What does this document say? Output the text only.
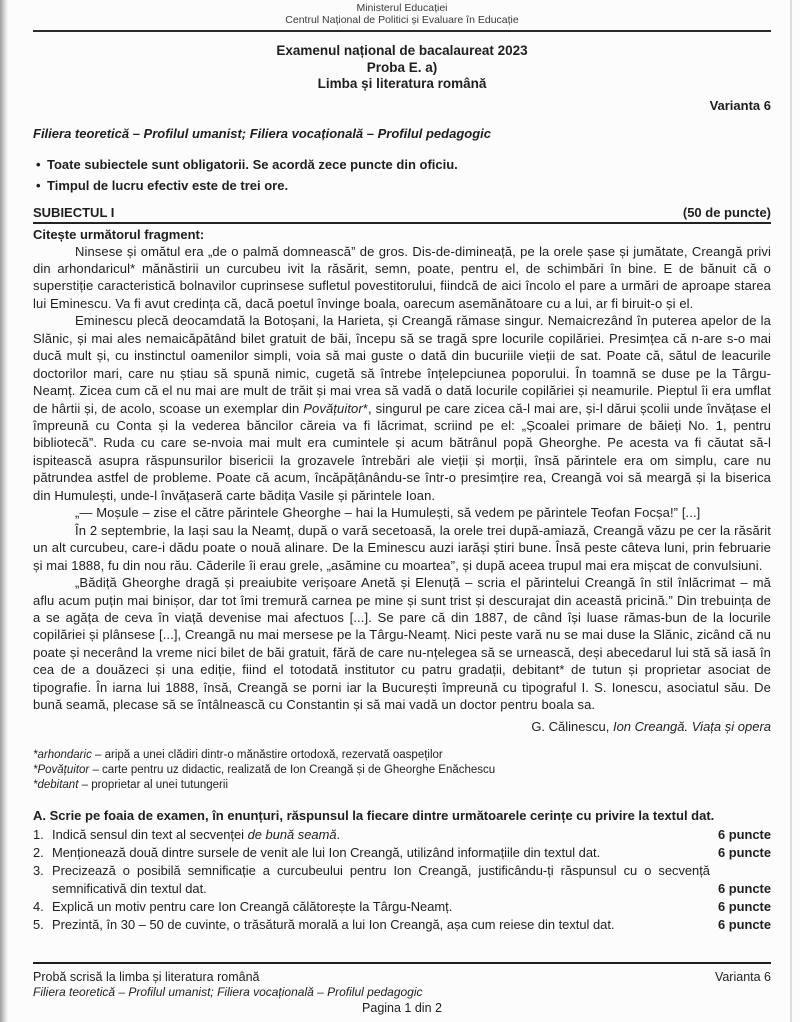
Ministerul Educației
Centrul Național de Politici și Evaluare în Educație
Examenul național de bacalaureat 2023
Proba E. a)
Limba și literatura română
Varianta 6
Filiera teoretică – Profilul umanist; Filiera vocațională – Profilul pedagogic
• Toate subiectele sunt obligatorii. Se acordă zece puncte din oficiu.
• Timpul de lucru efectiv este de trei ore.
SUBIECTUL I	(50 de puncte)
Citește următorul fragment:

Ninsese și omătul era „de o palmă domnească” de gros. Dis-de-dimineață, pe la orele șase și jumătate, Creangă privi din arhondaricul* mănăstirii un curcubeu ivit la răsărit, semn, poate, pentru el, de schimbări în bine. E de bănuit că o superstiție caracteristică bolnavilor cuprinsese sufletul povestitorului, fiindcă de aici încolo el pare a urmări de aproape starea lui Eminescu. Va fi avut credința că, dacă poetul învinge boala, oarecum asemănătoare cu a lui, ar fi biruit-o și el.

Eminescu plecă deocamdată la Botoșani, la Harieta, și Creangă rămase singur. Nemaicrezând în puterea apelor de la Slănic, și mai ales nemaicăpătând bilet gratuit de băi, începu să se tragă spre locurile copilăriei. Presimțea că n-are s-o mai ducă mult și, cu instinctul oamenilor simpli, voia să mai guste o dată din bucuriile vieții de sat. Poate că, sătul de leacurile doctorilor mari, care nu știau să spună nimic, cugetă să întrebe înțelepciunea poporului. În toamnă se duse pe la Târgu-Neamț. Zicea cum că el nu mai are mult de trăit și mai vrea să vadă o dată locurile copilăriei și neamurile. Pieptul îi era umflat de hârtii și, de acolo, scoase un exemplar din Povățuitor*, singurul pe care zicea că-l mai are, și-l dărui școlii unde învățase el împreună cu Conta și la vederea băncilor căreia va fi lăcrimat, scriind pe el: „Școalei primare de băieți No. 1, pentru bibliotecă”. Ruda cu care se-nvoia mai mult era cumintele și acum bătrânul popă Gheorghe. Pe acesta va fi căutat să-l ispitească asupra răspunsurilor bisericii la grozavele întrebări ale vieții și morții, însă părintele era om simplu, care nu pătrundea astfel de probleme. Poate că acum, încăpățânându-se într-o presimțire rea, Creangă voi să meargă și la biserica din Humulești, unde-l învățaseră carte bădița Vasile și părintele Ioan.

„— Moșule – zise el către părintele Gheorghe – hai la Humulești, să vedem pe părintele Teofan Focșa!” [...]

În 2 septembrie, la Iași sau la Neamț, după o vară secetoasă, la orele trei după-amiază, Creangă văzu pe cer la răsărit un alt curcubeu, care-i dădu poate o nouă alinare. De la Eminescu auzi iarăși știri bune. Însă peste câteva luni, prin februarie și mai 1888, fu din nou rău. Căderile îi erau grele, „asămine cu moartea”, și după aceea trupul mai era mișcat de convulsiuni.

„Bădiță Gheorghe dragă și preaiubite verișoare Anetă și Elenuță – scria el părintelui Creangă în stil înlăcrimat – mă aflu acum puțin mai binișor, dar tot îmi tremură carnea pe mine și sunt trist și descurajat din această pricină.” Din trebuința de a se agăța de ceva în viață devenise mai afectuos [...]. Se pare că din 1887, de când își luase rămas-bun de la locurile copilăriei și plânsese [...], Creangă nu mai mersese pe la Târgu-Neamț. Nici peste vară nu se mai duse la Slănic, zicând că nu poate și necerând la vreme nici bilet de băi gratuit, fără de care nu-nțelegea să se urnească, deși abecedarul lui stă să iasă în cea de a douăzeci și una ediție, fiind el totodată institutor cu patru gradații, debitant* de tutun și proprietar asociat de tipografie. În iarna lui 1888, însă, Creangă se porni iar la București împreună cu tipograful I. S. Ionescu, asociatul său. De bună seamă, plecase să se întâlnească cu Constantin și să mai vadă un doctor pentru boala sa.

G. Călinescu, Ion Creangă. Viața și opera
*arhondaric – aripă a unei clădiri dintr-o mănăstire ortodoxă, rezervată oaspeților
*Povățuitor – carte pentru uz didactic, realizată de Ion Creangă și de Gheorghe Enăchescu
*debitant – proprietar al unei tutungerii
A. Scrie pe foaia de examen, în enunțuri, răspunsul la fiecare dintre următoarele cerințe cu privire la textul dat.
1. Indică sensul din text al secvenței de bună seamă.	6 puncte
2. Menționează două dintre sursele de venit ale lui Ion Creangă, utilizând informațiile din textul dat.	6 puncte
3. Precizează o posibilă semnificație a curcubeului pentru Ion Creangă, justificându-ți răspunsul cu o secvență semnificativă din textul dat.	6 puncte
4. Explică un motiv pentru care Ion Creangă călătorește la Târgu-Neamț.	6 puncte
5. Prezintă, în 30 – 50 de cuvinte, o trăsătură morală a lui Ion Creangă, așa cum reiese din textul dat.	6 puncte
Probă scrisă la limba și literatura română	Varianta 6
Filiera teoretică – Profilul umanist; Filiera vocațională – Profilul pedagogic
Pagina 1 din 2
